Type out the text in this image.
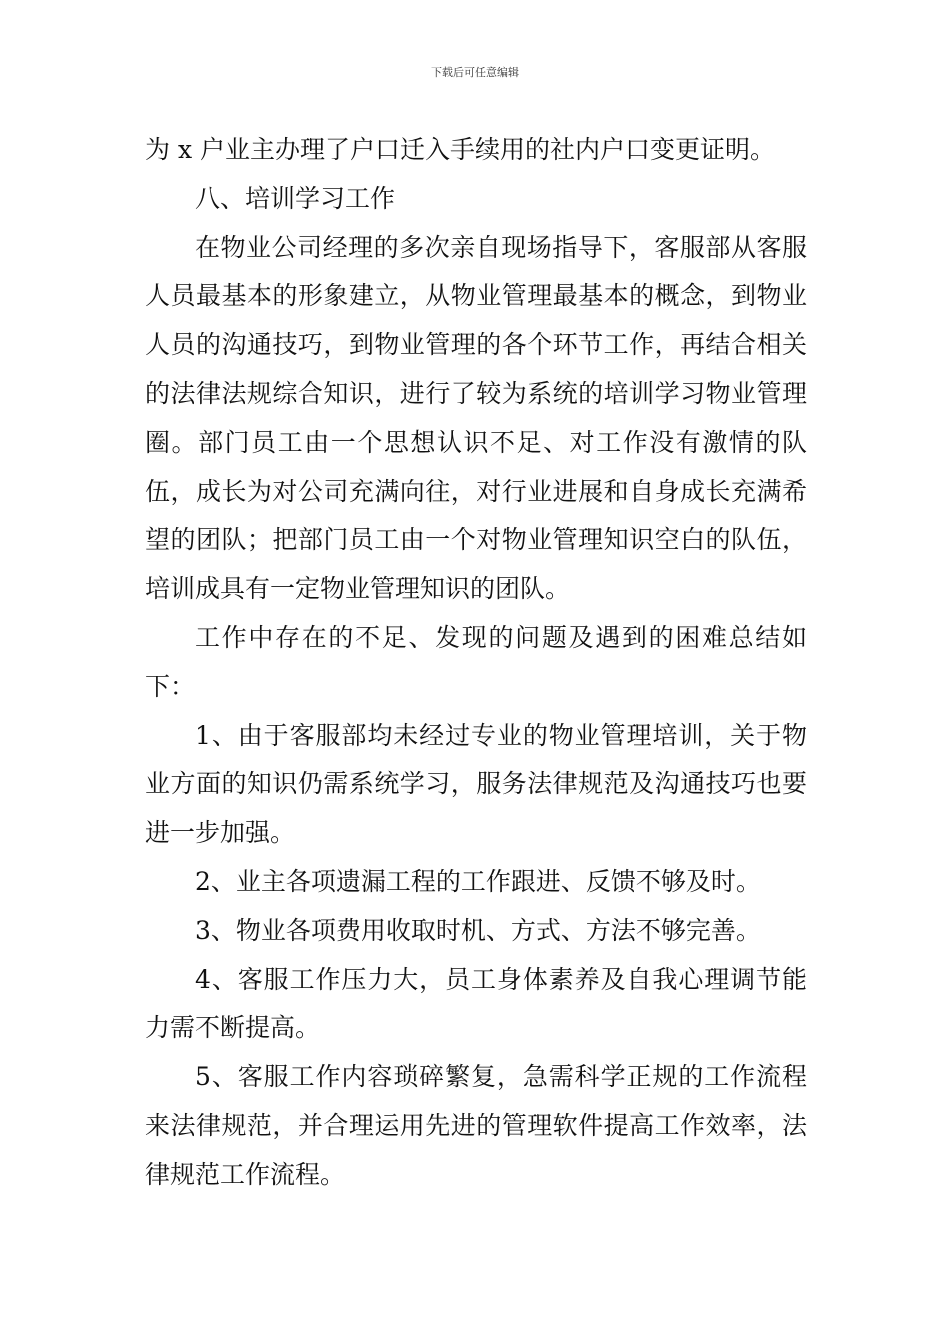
下载后可任意编辑

为 x 户业主办理了户口迁入手续用的社内户口变更证明。

八、培训学习工作

在物业公司经理的多次亲自现场指导下，客服部从客服人员最基本的形象建立，从物业管理最基本的概念，到物业人员的沟通技巧，到物业管理的各个环节工作，再结合相关的法律法规综合知识，进行了较为系统的培训学习物业管理圈。部门员工由一个思想认识不足、对工作没有激情的队伍，成长为对公司充满向往，对行业进展和自身成长充满希望的团队；把部门员工由一个对物业管理知识空白的队伍，培训成具有一定物业管理知识的团队。

工作中存在的不足、发现的问题及遇到的困难总结如下：

1、由于客服部均未经过专业的物业管理培训，关于物业方面的知识仍需系统学习，服务法律规范及沟通技巧也要进一步加强。

2、业主各项遗漏工程的工作跟进、反馈不够及时。

3、物业各项费用收取时机、方式、方法不够完善。

4、客服工作压力大，员工身体素养及自我心理调节能力需不断提高。

5、客服工作内容琐碎繁复，急需科学正规的工作流程来法律规范，并合理运用先进的管理软件提高工作效率，法律规范工作流程。
